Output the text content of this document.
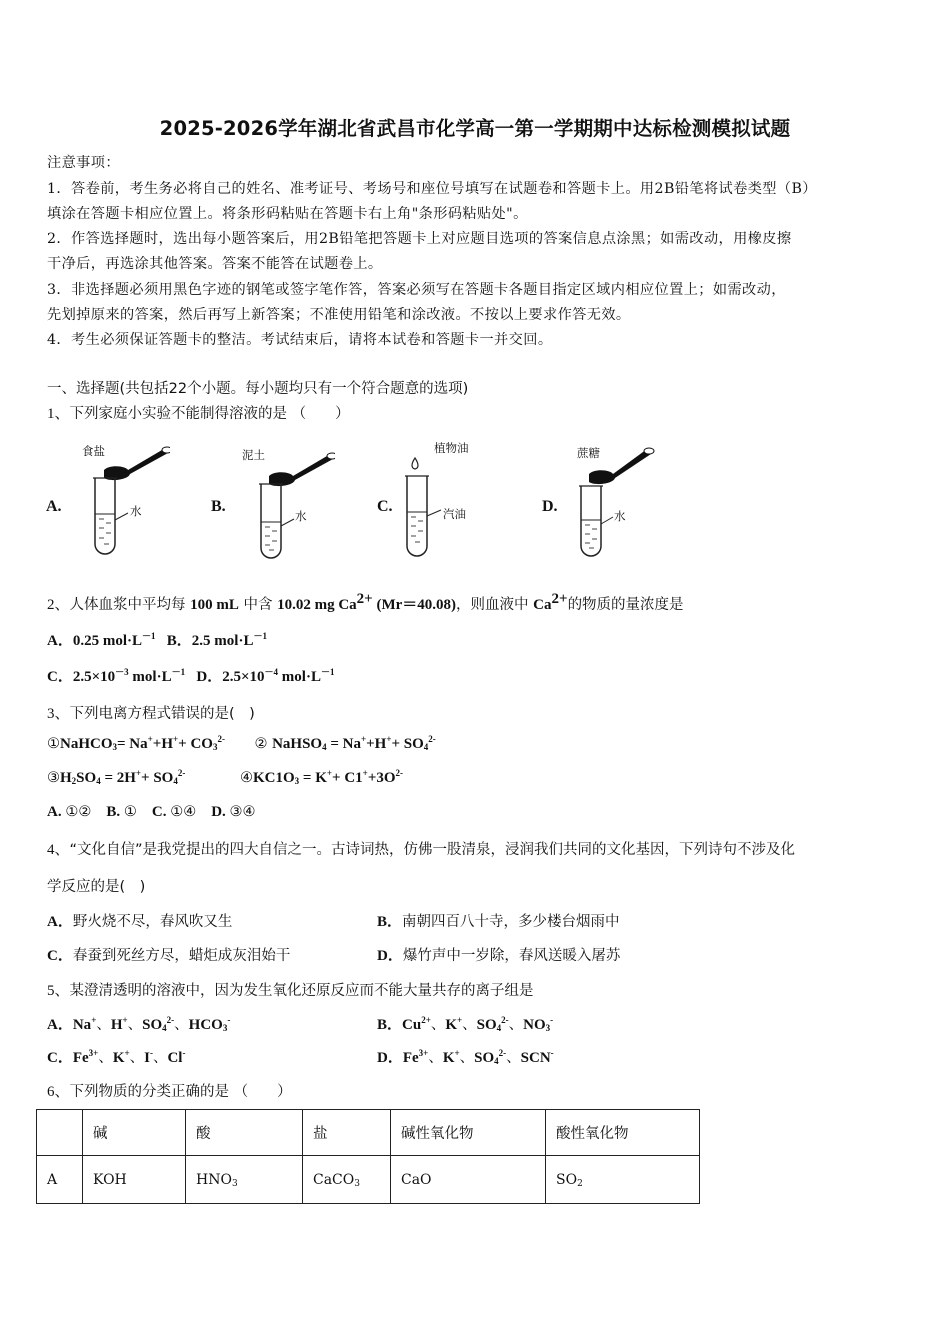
2025-2026学年湖北省武昌市化学高一第一学期期中达标检测模拟试题
注意事项：
1．答卷前，考生务必将自己的姓名、准考证号、考场号和座位号填写在试题卷和答题卡上。用2B铅笔将试卷类型（B）
填涂在答题卡相应位置上。将条形码粘贴在答题卡右上角"条形码粘贴处"。
2．作答选择题时，选出每小题答案后，用2B铅笔把答题卡上对应题目选项的答案信息点涂黑；如需改动，用橡皮擦
干净后，再选涂其他答案。答案不能答在试题卷上。
3．非选择题必须用黑色字迹的钢笔或签字笔作答，答案必须写在答题卡各题目指定区域内相应位置上；如需改动，
先划掉原来的答案，然后再写上新答案；不准使用铅笔和涂改液。不按以上要求作答无效。
4．考生必须保证答题卡的整洁。考试结束后，请将本试卷和答题卡一并交回。
一、选择题(共包括22个小题。每小题均只有一个符合题意的选项)
1、下列家庭小实验不能制得溶液的是 （　　）
A.
食盐
水	B.
泥土
水
C.
植物油
汽油	D.
蔗糖
水
2、人体血浆中平均每 100 mL 中含 10.02 mg $Ca^{2+}$ (Mr＝40.08)，则血液中 $Ca^{2+}$的物质的量浓度是
A．0.25 $mol\cdot L^{-1}$ B．2.5 $mol\cdot L^{-1}$
C．$2.5\times 10^{-3}$ $mol\cdot L^{-1}$ D．$2.5\times 10^{-4}$ $mol\cdot L^{-1}$
3、下列电离方程式错误的是(　)
①NaHCO$_3$= $Na^++H^++ CO_3^{2-}$ ② NaHSO$_4$ = $Na^++H^++ SO_4^{2-}$
$③H_2SO_4 = 2H^++ SO_4^{2-}$	$④KC1O_3 = K^++ C1^++3O^{2-}$
A. ①② B. ① C. ①④ D. ③④
4、“文化自信”是我党提出的四大自信之一。古诗词热，仿佛一股清泉，浸润我们共同的文化基因，下列诗句不涉及化
学反应的是(　)
A．野火烧不尽，春风吹又生	B．南朝四百八十寺，多少楼台烟雨中
C．春蚕到死丝方尽，蜡炬成灰泪始干	D．爆竹声中一岁除，春风送暖入屠苏
5、某澄清透明的溶液中，因为发生氧化还原反应而不能大量共存的离子组是
A．Na+、H+、$SO_4^{2-}$、$HCO_3^-$	B．$Cu^{2+}$、K+、$SO_4^{2-}$、$NO_3^-$
C．$Fe^{3+}$、K+、I-、Cl-	D．$Fe^{3+}$、K+、$SO_4^{2-}$、SCN-
6、下列物质的分类正确的是 （　　）
	碱	酸	盐	碱性氧化物	酸性氧化物
A	KOH	$HNO_3$	CaCO$_3$	CaO	$SO_2$
